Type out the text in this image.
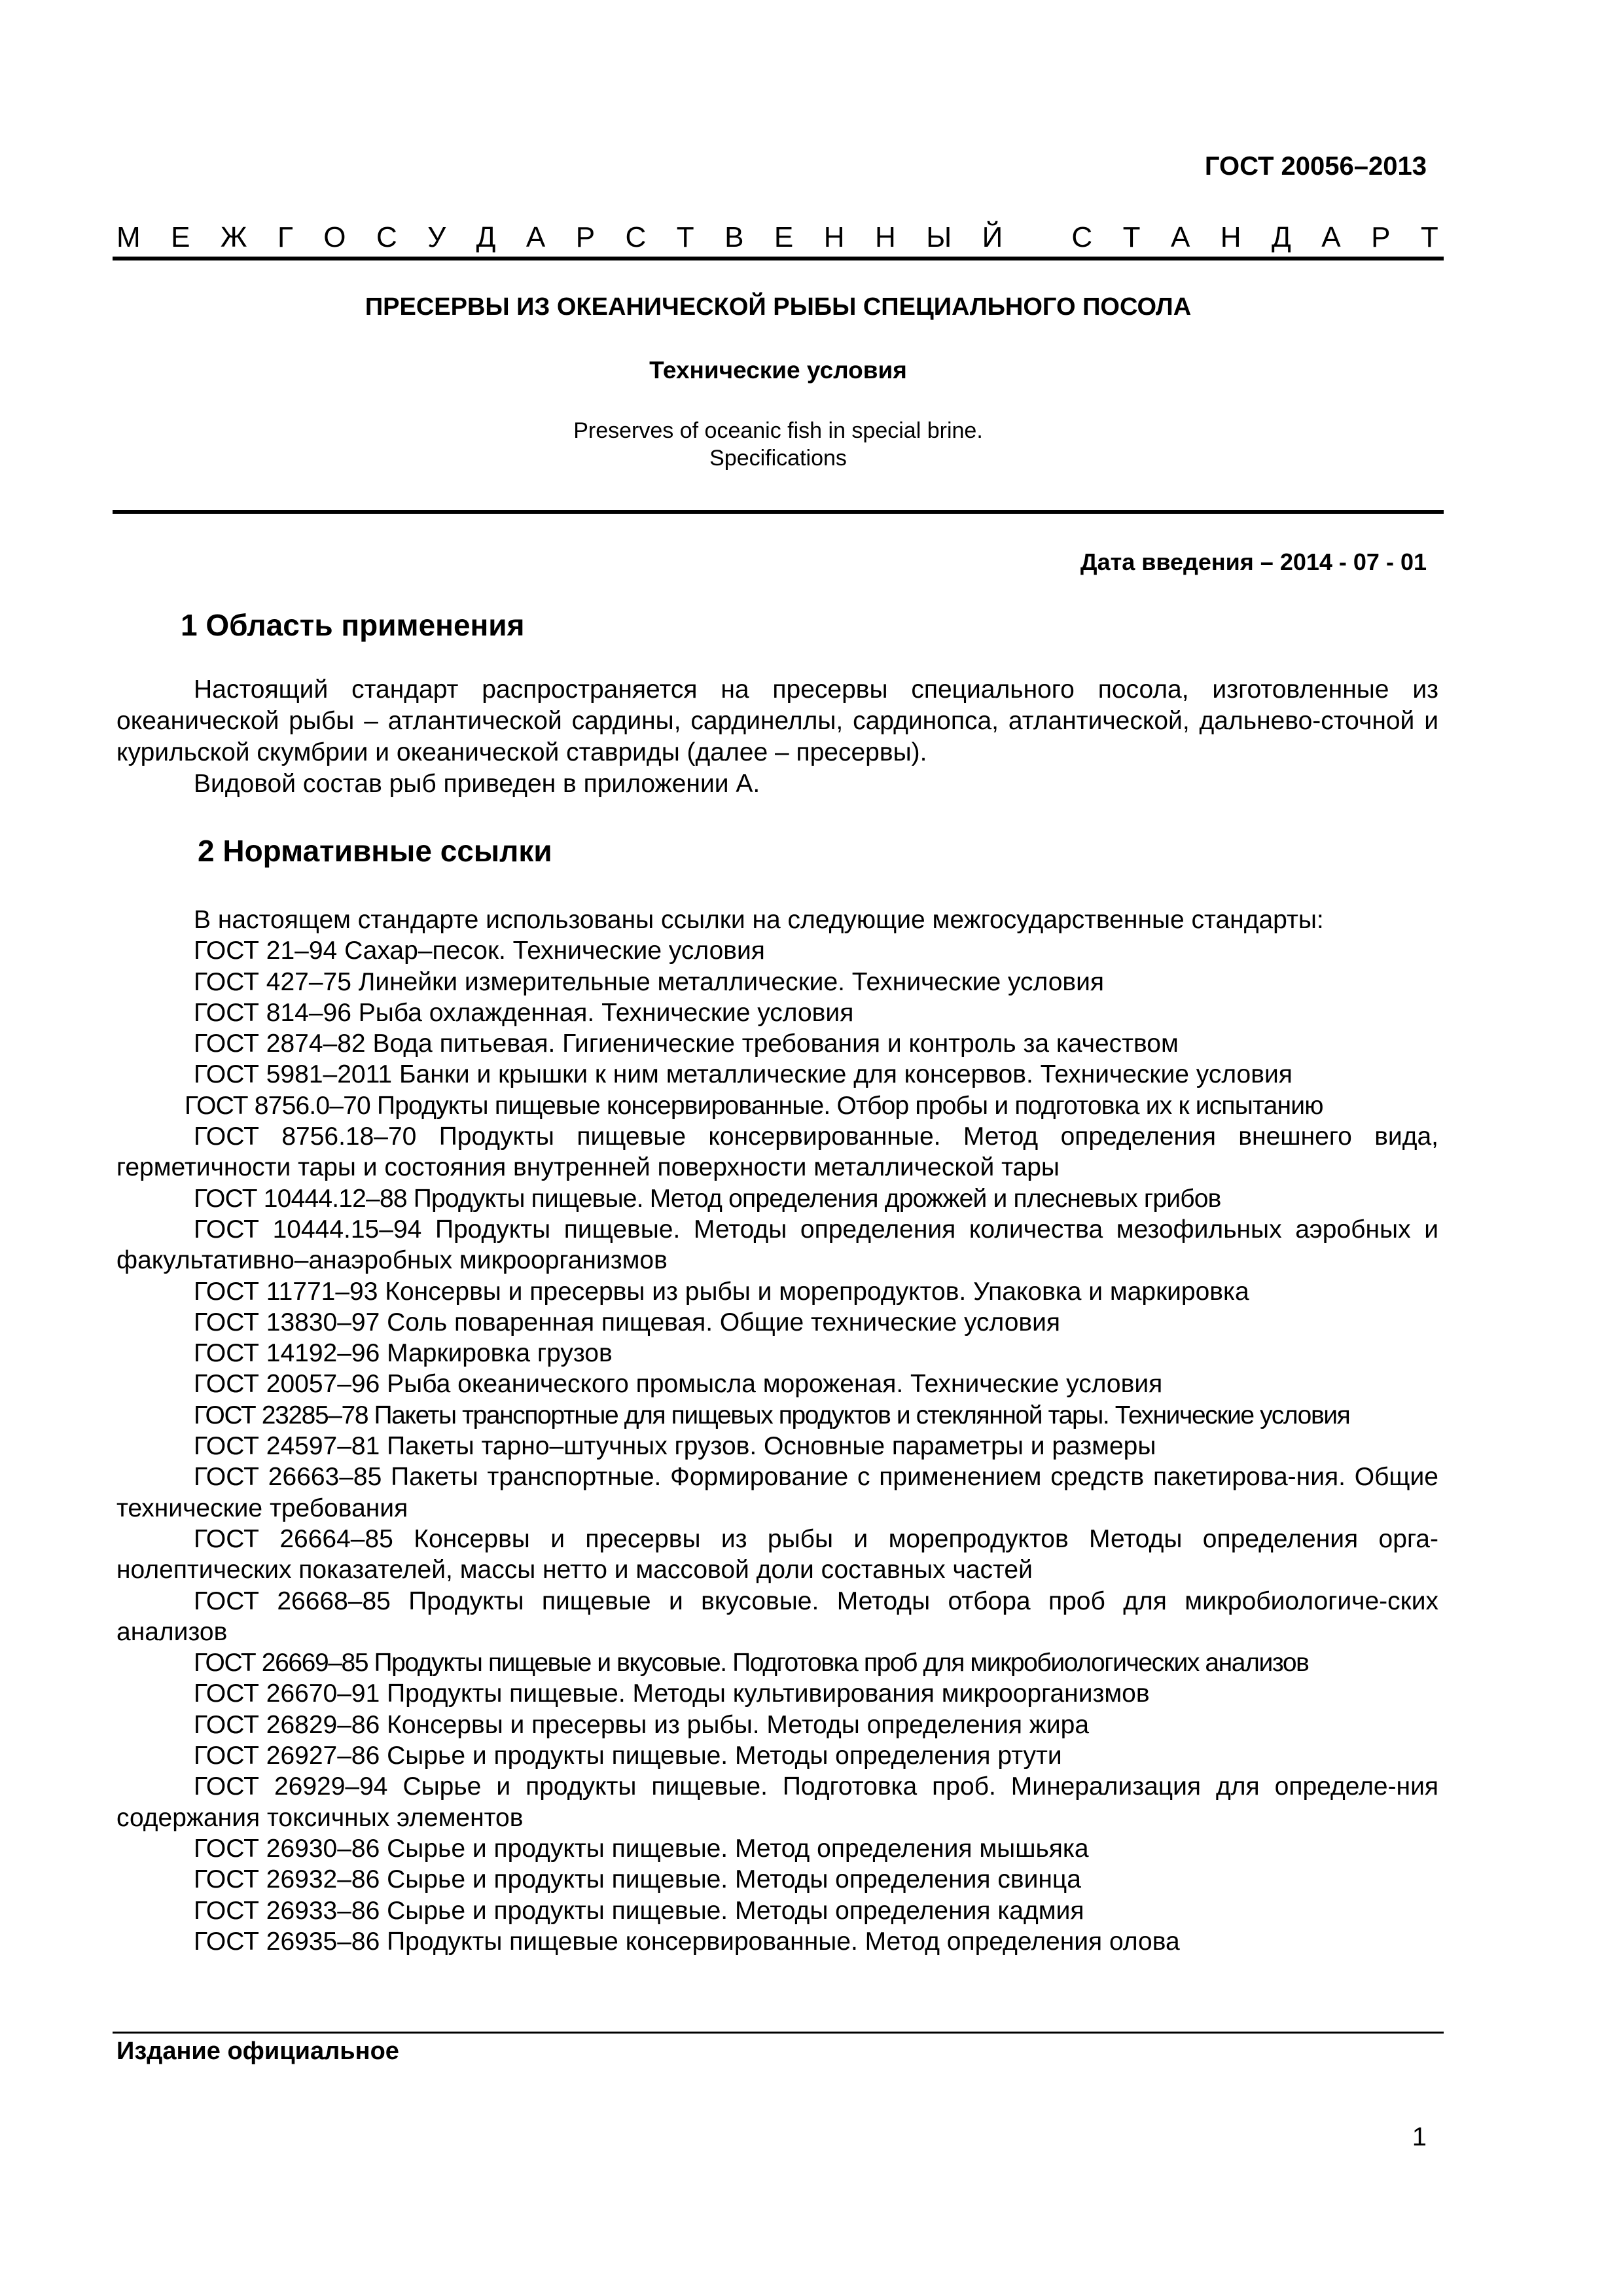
ГОСТ 20056–2013
М Е Ж Г О С У Д А Р С Т В Е Н Н Ы Й
С Т А Н Д А Р Т
ПРЕСЕРВЫ ИЗ ОКЕАНИЧЕСКОЙ РЫБЫ СПЕЦИАЛЬНОГО ПОСОЛА
Технические условия
Preserves of oceanic fish in special brine.
Specifications
Дата введения – 2014 - 07 - 01
1 Область применения

Настоящий стандарт распространяется на пресервы специального посола, изготовленные из океанической рыбы – атлантической сардины, сардинеллы, сардинопса, атлантической, дальнево-сточной и курильской скумбрии и океанической ставриды (далее – пресервы).

Видовой состав рыб приведен в приложении А.

2 Нормативные ссылки

В настоящем стандарте использованы ссылки на следующие межгосударственные стандарты:

ГОСТ 21–94 Сахар–песок. Технические условия

ГОСТ 427–75 Линейки измерительные металлические. Технические условия

ГОСТ 814–96 Рыба охлажденная. Технические условия

ГОСТ 2874–82 Вода питьевая. Гигиенические требования и контроль за качеством

ГОСТ 5981–2011 Банки и крышки к ним металлические для консервов. Технические условия

ГОСТ 8756.0–70 Продукты пищевые консервированные. Отбор пробы и подготовка их к испытанию

ГОСТ 8756.18–70 Продукты пищевые консервированные. Метод определения внешнего вида, герметичности тары и состояния внутренней поверхности металлической тары

ГОСТ 10444.12–88 Продукты пищевые. Метод определения дрожжей и плесневых грибов

ГОСТ 10444.15–94 Продукты пищевые. Методы определения количества мезофильных аэробных и факультативно–анаэробных микроорганизмов

ГОСТ 11771–93 Консервы и пресервы из рыбы и морепродуктов. Упаковка и маркировка

ГОСТ 13830–97 Соль поваренная пищевая. Общие технические условия

ГОСТ 14192–96 Маркировка грузов

ГОСТ 20057–96 Рыба океанического промысла мороженая. Технические условия

ГОСТ 23285–78 Пакеты транспортные для пищевых продуктов и стеклянной тары. Технические условия

ГОСТ 24597–81 Пакеты тарно–штучных грузов. Основные параметры и размеры

ГОСТ 26663–85 Пакеты транспортные. Формирование с применением средств пакетирова-ния. Общие технические требования

ГОСТ 26664–85 Консервы и пресервы из рыбы и морепродуктов Методы определения орга-нолептических показателей, массы нетто и массовой доли составных частей

ГОСТ 26668–85 Продукты пищевые и вкусовые. Методы отбора проб для микробиологиче-ских анализов

ГОСТ 26669–85 Продукты пищевые и вкусовые. Подготовка проб для микробиологических анализов

ГОСТ 26670–91 Продукты пищевые. Методы культивирования микроорганизмов

ГОСТ 26829–86 Консервы и пресервы из рыбы. Методы определения жира

ГОСТ 26927–86 Сырье и продукты пищевые. Методы определения ртути

ГОСТ 26929–94 Сырье и продукты пищевые. Подготовка проб. Минерализация для определе-ния содержания токсичных элементов

ГОСТ 26930–86 Сырье и продукты пищевые. Метод определения мышьяка

ГОСТ 26932–86 Сырье и продукты пищевые. Методы определения свинца

ГОСТ 26933–86 Сырье и продукты пищевые. Методы определения кадмия

ГОСТ 26935–86 Продукты пищевые консервированные. Метод определения олова

Издание официальное
1
